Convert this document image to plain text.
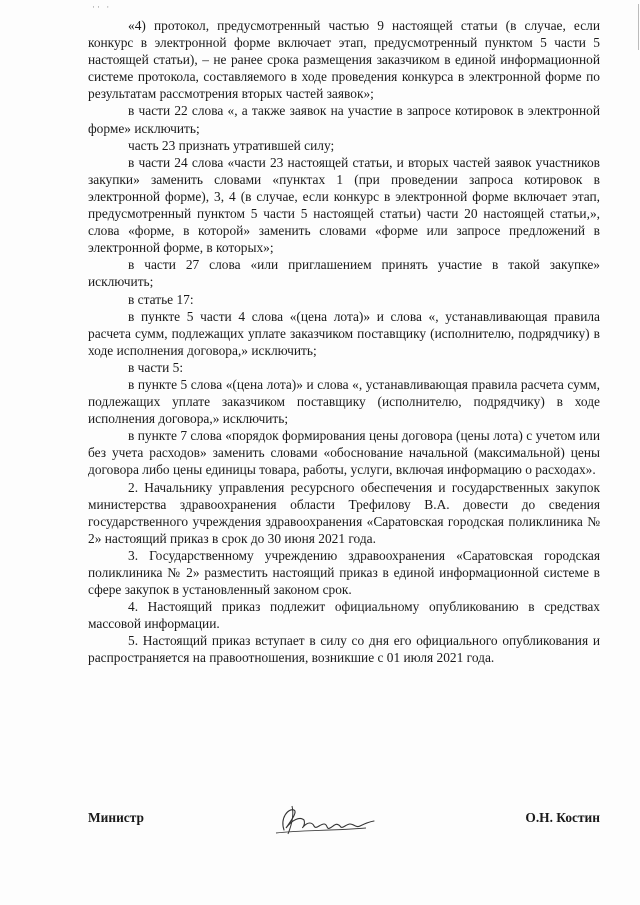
·· ·

«4) протокол, предусмотренный частью 9 настоящей статьи (в случае, если конкурс в электронной форме включает этап, предусмотренный пунктом 5 части 5 настоящей статьи), – не ранее срока размещения заказчиком в единой информационной системе протокола, составляемого в ходе проведения конкурса в электронной форме по результатам рассмотрения вторых частей заявок»;

в части 22 слова «, а также заявок на участие в запросе котировок в электронной форме» исключить;

часть 23 признать утратившей силу;

в части 24 слова «части 23 настоящей статьи, и вторых частей заявок участников закупки» заменить словами «пунктах 1 (при проведении запроса котировок в электронной форме), 3, 4 (в случае, если конкурс в электронной форме включает этап, предусмотренный пунктом 5 части 5 настоящей статьи) части 20 настоящей статьи,», слова «форме, в которой» заменить словами «форме или запросе предложений в электронной форме, в которых»;

в части 27 слова «или приглашением принять участие в такой закупке» исключить;

в статье 17:

в пункте 5 части 4 слова «(цена лота)» и слова «, устанавливающая правила расчета сумм, подлежащих уплате заказчиком поставщику (исполнителю, подрядчику) в ходе исполнения договора,» исключить;

в части 5:

в пункте 5 слова «(цена лота)» и слова «, устанавливающая правила расчета сумм, подлежащих уплате заказчиком поставщику (исполнителю, подрядчику) в ходе исполнения договора,» исключить;

в пункте 7 слова «порядок формирования цены договора (цены лота) с учетом или без учета расходов» заменить словами «обоснование начальной (максимальной) цены договора либо цены единицы товара, работы, услуги, включая информацию о расходах».

2. Начальнику управления ресурсного обеспечения и государственных закупок министерства здравоохранения области Трефилову В.А. довести до сведения государственного учреждения здравоохранения «Саратовская городская поликлиника № 2» настоящий приказ в срок до 30 июня 2021 года.

3. Государственному учреждению здравоохранения «Саратовская городская поликлиника № 2» разместить настоящий приказ в единой информационной системе в сфере закупок в установленный законом срок.

4. Настоящий приказ подлежит официальному опубликованию в средствах массовой информации.

5. Настоящий приказ вступает в силу со дня его официального опубликования и распространяется на правоотношения, возникшие с 01 июля 2021 года.

Министр	О.Н. Костин
